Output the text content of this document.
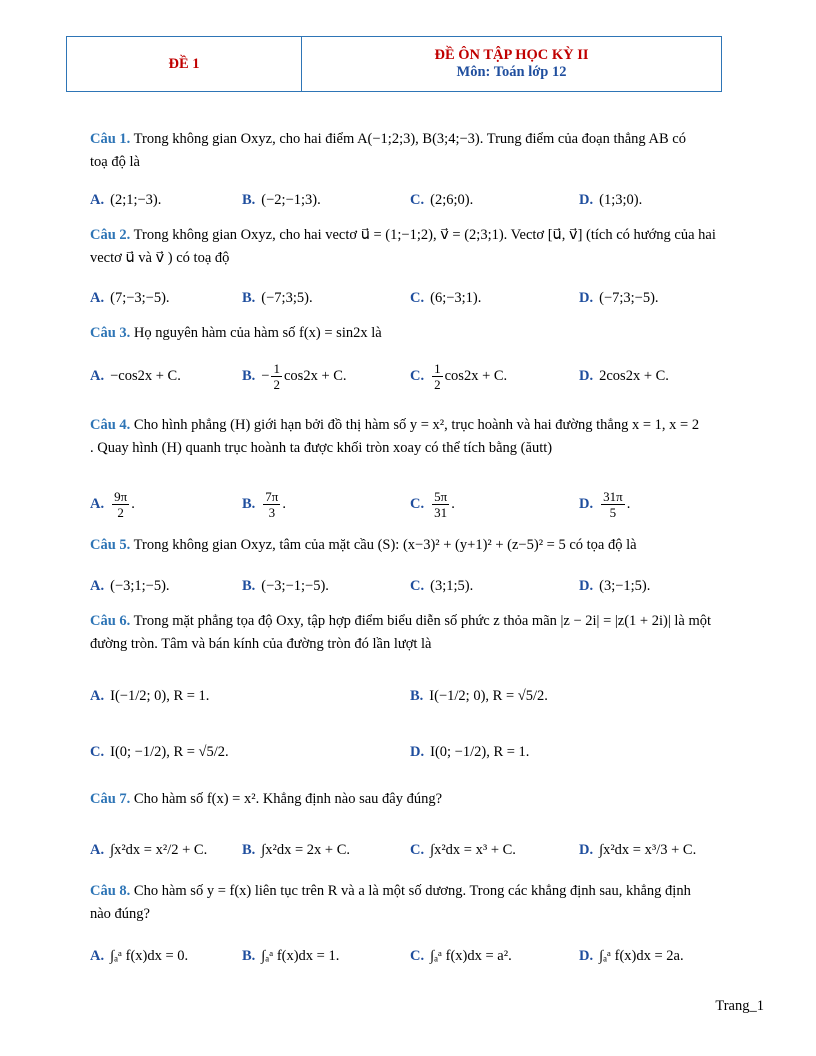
ĐỀ 1
ĐỀ ÔN TẬP HỌC KỲ II
Môn: Toán lớp 12
Câu 1. Trong không gian Oxyz, cho hai điểm A(−1;2;3), B(3;4;−3). Trung điểm của đoạn thẳng AB có
toạ độ là
A. (2;1;−3).	B. (−2;−1;3).	C. (2;6;0).	D. (1;3;0).
Câu 2. Trong không gian Oxyz, cho hai vectơ u⃗ = (1;−1;2), v⃗ = (2;3;1). Vectơ [u⃗, v⃗] (tích có hướng của hai
vectơ u⃗ và v⃗ ) có toạ độ
A. (7;−3;−5).	B. (−7;3;5).	C. (6;−3;1).	D. (−7;3;−5).
Câu 3. Họ nguyên hàm của hàm số f(x) = sin2x là
A. −cos2x + C.	B. − $\frac{1}{2} \cos 2x + C$.	C. $\frac{1}{2} \cos 2x + C$.	D. 2cos2x + C.
Câu 4. Cho hình phẳng (H) giới hạn bởi đồ thị hàm số y = x², trục hoành và hai đường thẳng x = 1, x = 2
. Quay hình (H) quanh trục hoành ta được khối tròn xoay có thể tích bằng (ăutt)
A. $\frac{9\pi}{2}$ .	B. $\frac{7\pi}{3}$ .	C. $\frac{5\pi}{31}$ .	D. $\frac{31\pi}{5}$ .
Câu 5. Trong không gian Oxyz, tâm của mặt cầu (S): (x−3)² + (y+1)² + (z−5)² = 5 có tọa độ là
A. (−3;1;−5).	B. (−3;−1;−5).	C. (3;1;5).	D. (3;−1;5).
Câu 6. Trong mặt phẳng tọa độ Oxy, tập hợp điểm biểu diễn số phức z thỏa mãn |z − 2i| = |z(1 + 2i)| là một
đường tròn. Tâm và bán kính của đường tròn đó lần lượt là
A. I(−1/2; 0), R = 1.	B. I(−1/2; 0), R = √5/2.
C. I(0; −1/2), R = √5/2.	D. I(0; −1/2), R = 1.
Câu 7. Cho hàm số f(x) = x². Khẳng định nào sau đây đúng?
A. ∫x²dx = x²/2 + C. B. ∫x²dx = 2x + C.	C. ∫x²dx = x³ + C.	D. ∫x²dx = x³/3 + C.
Câu 8. Cho hàm số y = f(x) liên tục trên R và a là một số dương. Trong các khẳng định sau, khẳng định
nào đúng?
A. ∫ₐᵃ f(x)dx = 0.	B. ∫ₐᵃ f(x)dx = 1.	C. ∫ₐᵃ f(x)dx = a².	D. ∫ₐᵃ f(x)dx = 2a.
Trang_1
